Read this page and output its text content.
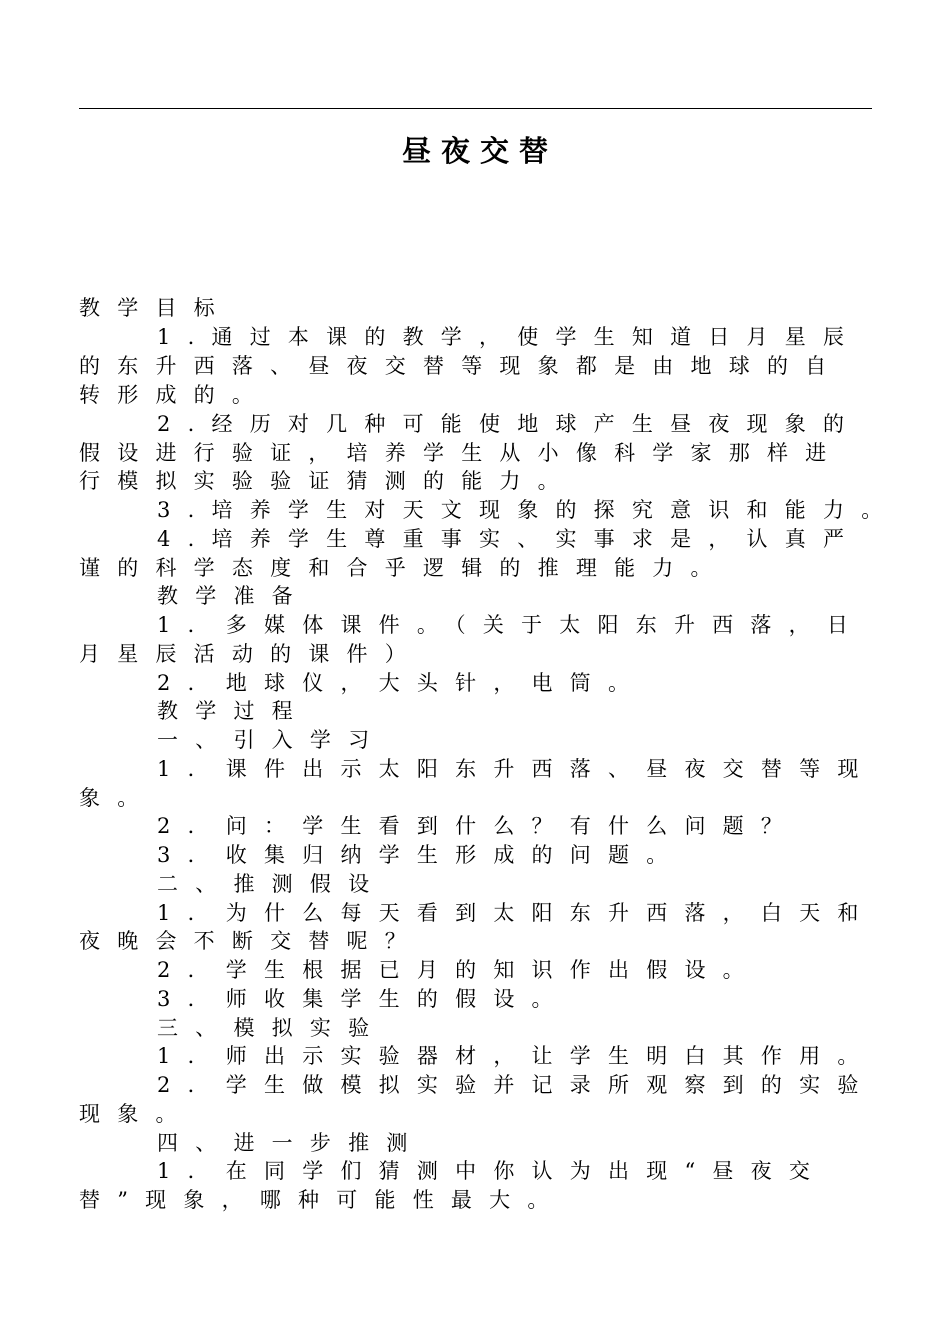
昼夜交替
教学目标
1.通过本课的教学，使学生知道日月星辰
的东升西落、昼夜交替等现象都是由地球的自
转形成的。
2.经历对几种可能使地球产生昼夜现象的
假设进行验证，培养学生从小像科学家那样进
行模拟实验验证猜测的能力。
3.培养学生对天文现象的探究意识和能力。
4.培养学生尊重事实、实事求是，认真严
谨的科学态度和合乎逻辑的推理能力。
教学准备
1．多媒体课件。（关于太阳东升西落，日
月星辰活动的课件）
2．地球仪，大头针，电筒。
教学过程
一、引入学习
1．课件出示太阳东升西落、昼夜交替等现
象。
2．问：学生看到什么？有什么问题？
3．收集归纳学生形成的问题。
二、推测假设
1．为什么每天看到太阳东升西落，白天和
夜晚会不断交替呢？
2．学生根据已月的知识作出假设。
3．师收集学生的假设。
三、模拟实验
1．师出示实验器材，让学生明白其作用。
2．学生做模拟实验并记录所观察到的实验
现象。
四、进一步推测
1．在同学们猜测中你认为出现“昼夜交
替”现象，哪种可能性最大。
